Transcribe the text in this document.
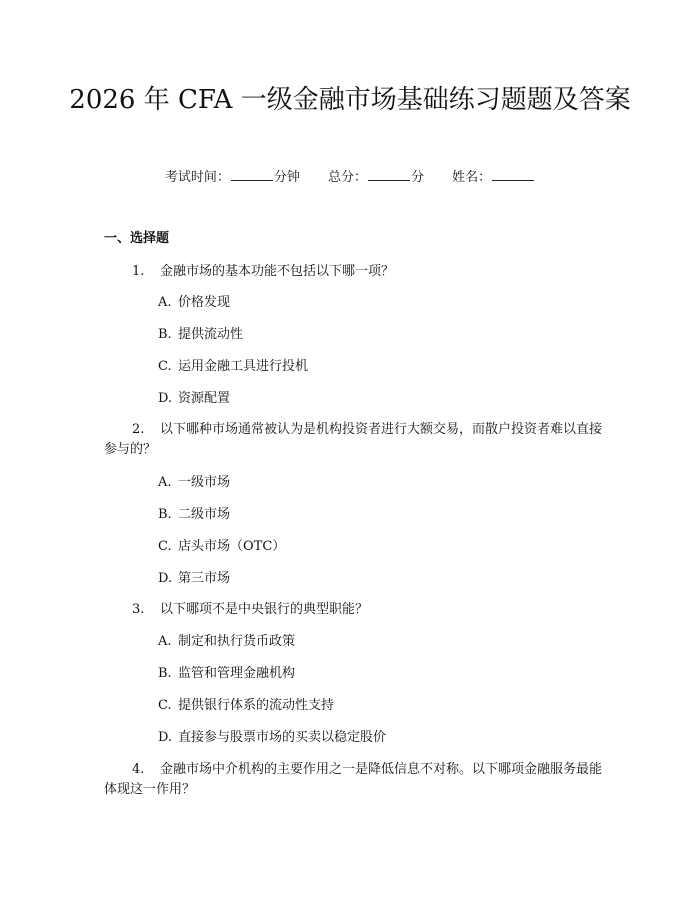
2026 年 CFA 一级金融市场基础练习题题及答案
考试时间：	分钟 总分：	分 姓名：
一、选择题
1. 金融市场的基本功能不包括以下哪一项？
A. 价格发现
B. 提供流动性
C. 运用金融工具进行投机
D. 资源配置
2. 以下哪种市场通常被认为是机构投资者进行大额交易，而散户投资者难以直接参与的？
A. 一级市场
B. 二级市场
C. 店头市场（OTC）
D. 第三市场
3. 以下哪项不是中央银行的典型职能？
A. 制定和执行货币政策
B. 监管和管理金融机构
C. 提供银行体系的流动性支持
D. 直接参与股票市场的买卖以稳定股价
4. 金融市场中介机构的主要作用之一是降低信息不对称。以下哪项金融服务最能体现这一作用？
